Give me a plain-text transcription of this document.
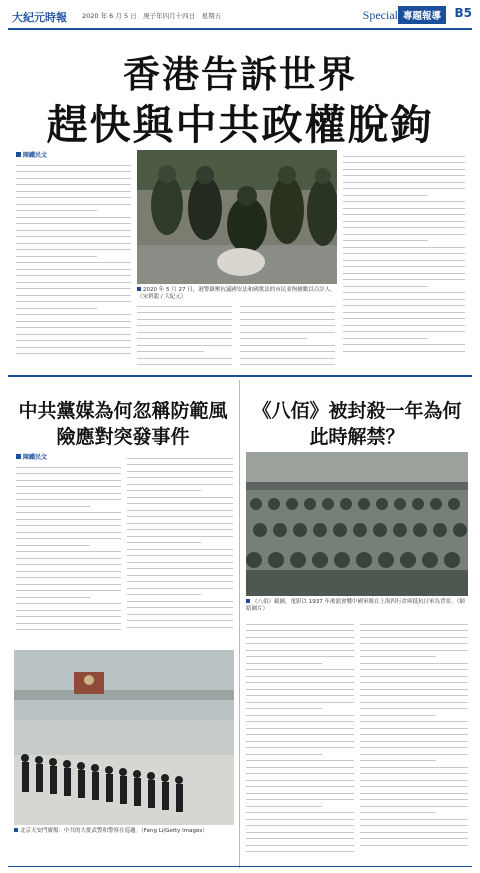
大紀元時報 2020 年 6 月 5 日　庚子年四月十四日　星期五	Special 專題報導	B5
香港告訴世界
趕快與中共政權脫鉤
陳鐵民文
2020 年 5 月 27 日，港警鎮壓抗議國安法和國歌法的市民並拘捕數以百計人。（宋碧龍 / 大紀元）
中共黨媒為何忽稱防範風險應對突發事件
陳鐵民文
北京天安門廣場：中共的大批武警和警察在巡邏。（Feng Li/Getty Images）
《八佰》被封殺一年為何此時解禁？
《八佰》截圖。電影以 1937 年淞滬會戰中國軍隊在上海四行倉庫抵抗日軍為背景。（網絡圖片）
